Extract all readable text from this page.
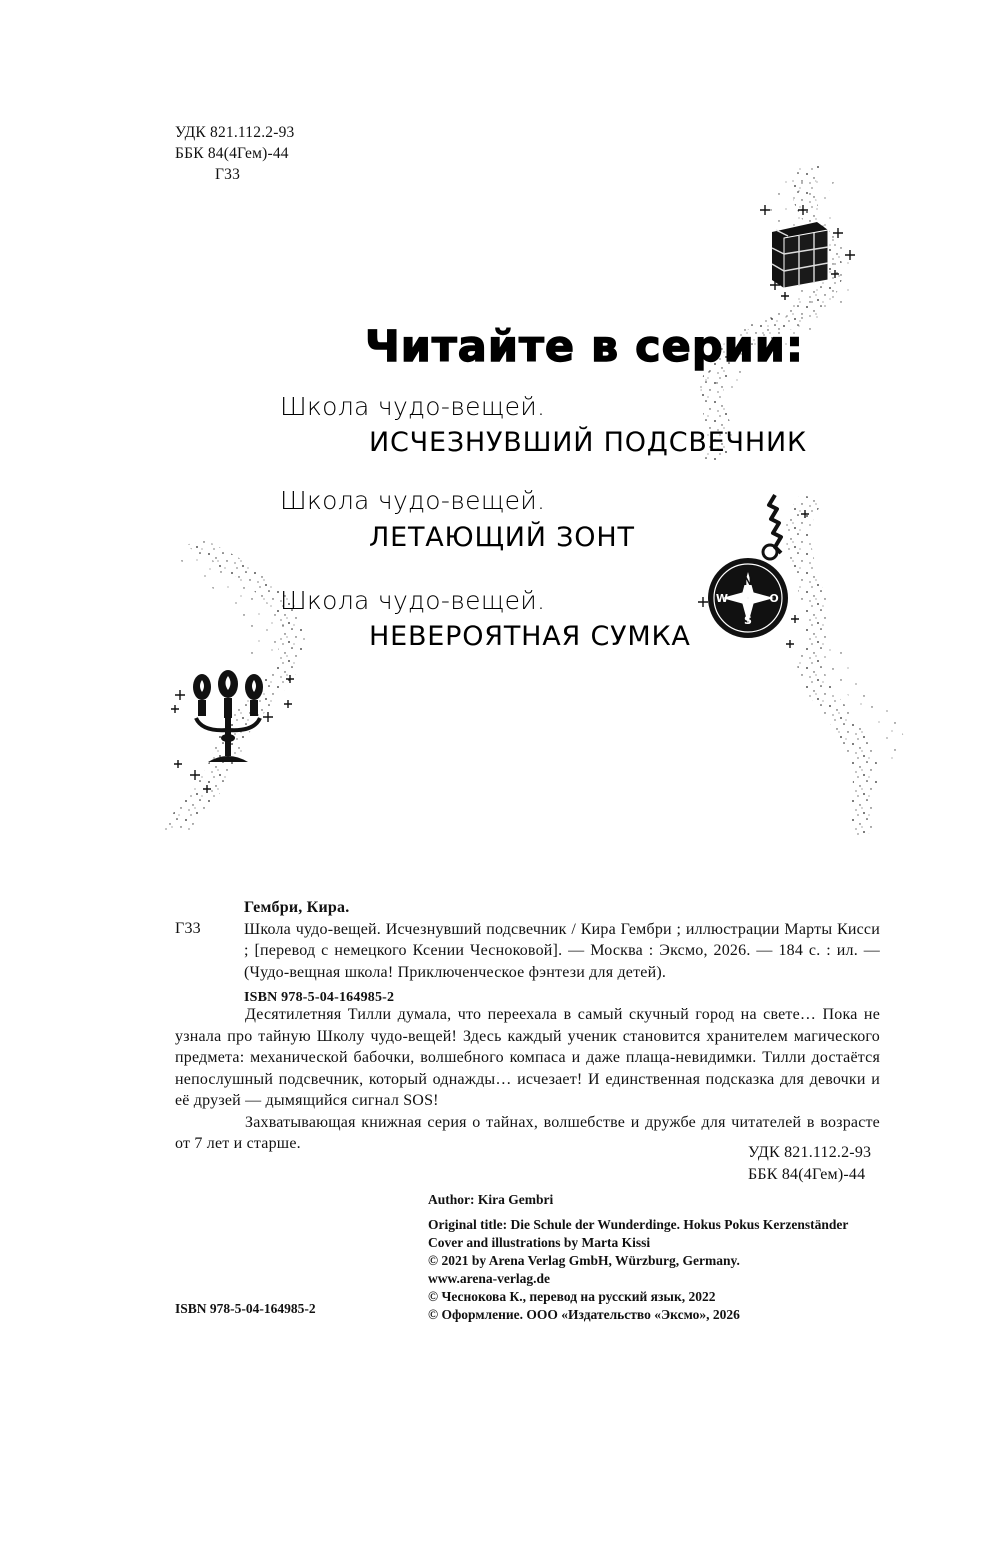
N
S
W	O
УДК 821.112.2-93
ББК 84(4Гем)-44
Г33
Читайте в серии:
Школа чудо-вещей.
ИСЧЕЗНУВШИЙ ПОДСВЕЧНИК
Школа чудо-вещей.
ЛЕТАЮЩИЙ ЗОНТ
Школа чудо-вещей.
НЕВЕРОЯТНАЯ СУМКА
Г33
Гембри, Кира.
Школа чудо-вещей. Исчезнувший подсвечник / Кира Гембри ; иллюстрации Марты Кисси ; [перевод с немецкого Ксении Чесноковой]. — Москва : Эксмо, 2026. — 184 с. : ил. — (Чудо-вещная школа! Приключенческое фэнтези для детей).
ISBN 978-5-04-164985-2
Десятилетняя Тилли думала, что переехала в самый скучный город на свете… Пока не узнала про тайную Школу чудо-вещей! Здесь каждый ученик становится хранителем магического предмета: механической бабочки, волшебного компаса и даже плаща-невидимки. Тилли достаётся непослушный подсвечник, который однажды… исчезает! И единственная подсказка для девочки и её друзей — дымящийся сигнал SOS!
Захватывающая книжная серия о тайнах, волшебстве и дружбе для читателей в возрасте от 7 лет и старше.
УДК 821.112.2-93
ББК 84(4Гем)-44
Author: Kira Gembri
Original title: Die Schule der Wunderdinge. Hokus Pokus Kerzenständer
Cover and illustrations by Marta Kissi
© 2021 by Arena Verlag GmbH, Würzburg, Germany.
www.arena-verlag.de
© Чеснокова К., перевод на русский язык, 2022
© Оформление. ООО «Издательство «Эксмо», 2026
ISBN 978-5-04-164985-2
